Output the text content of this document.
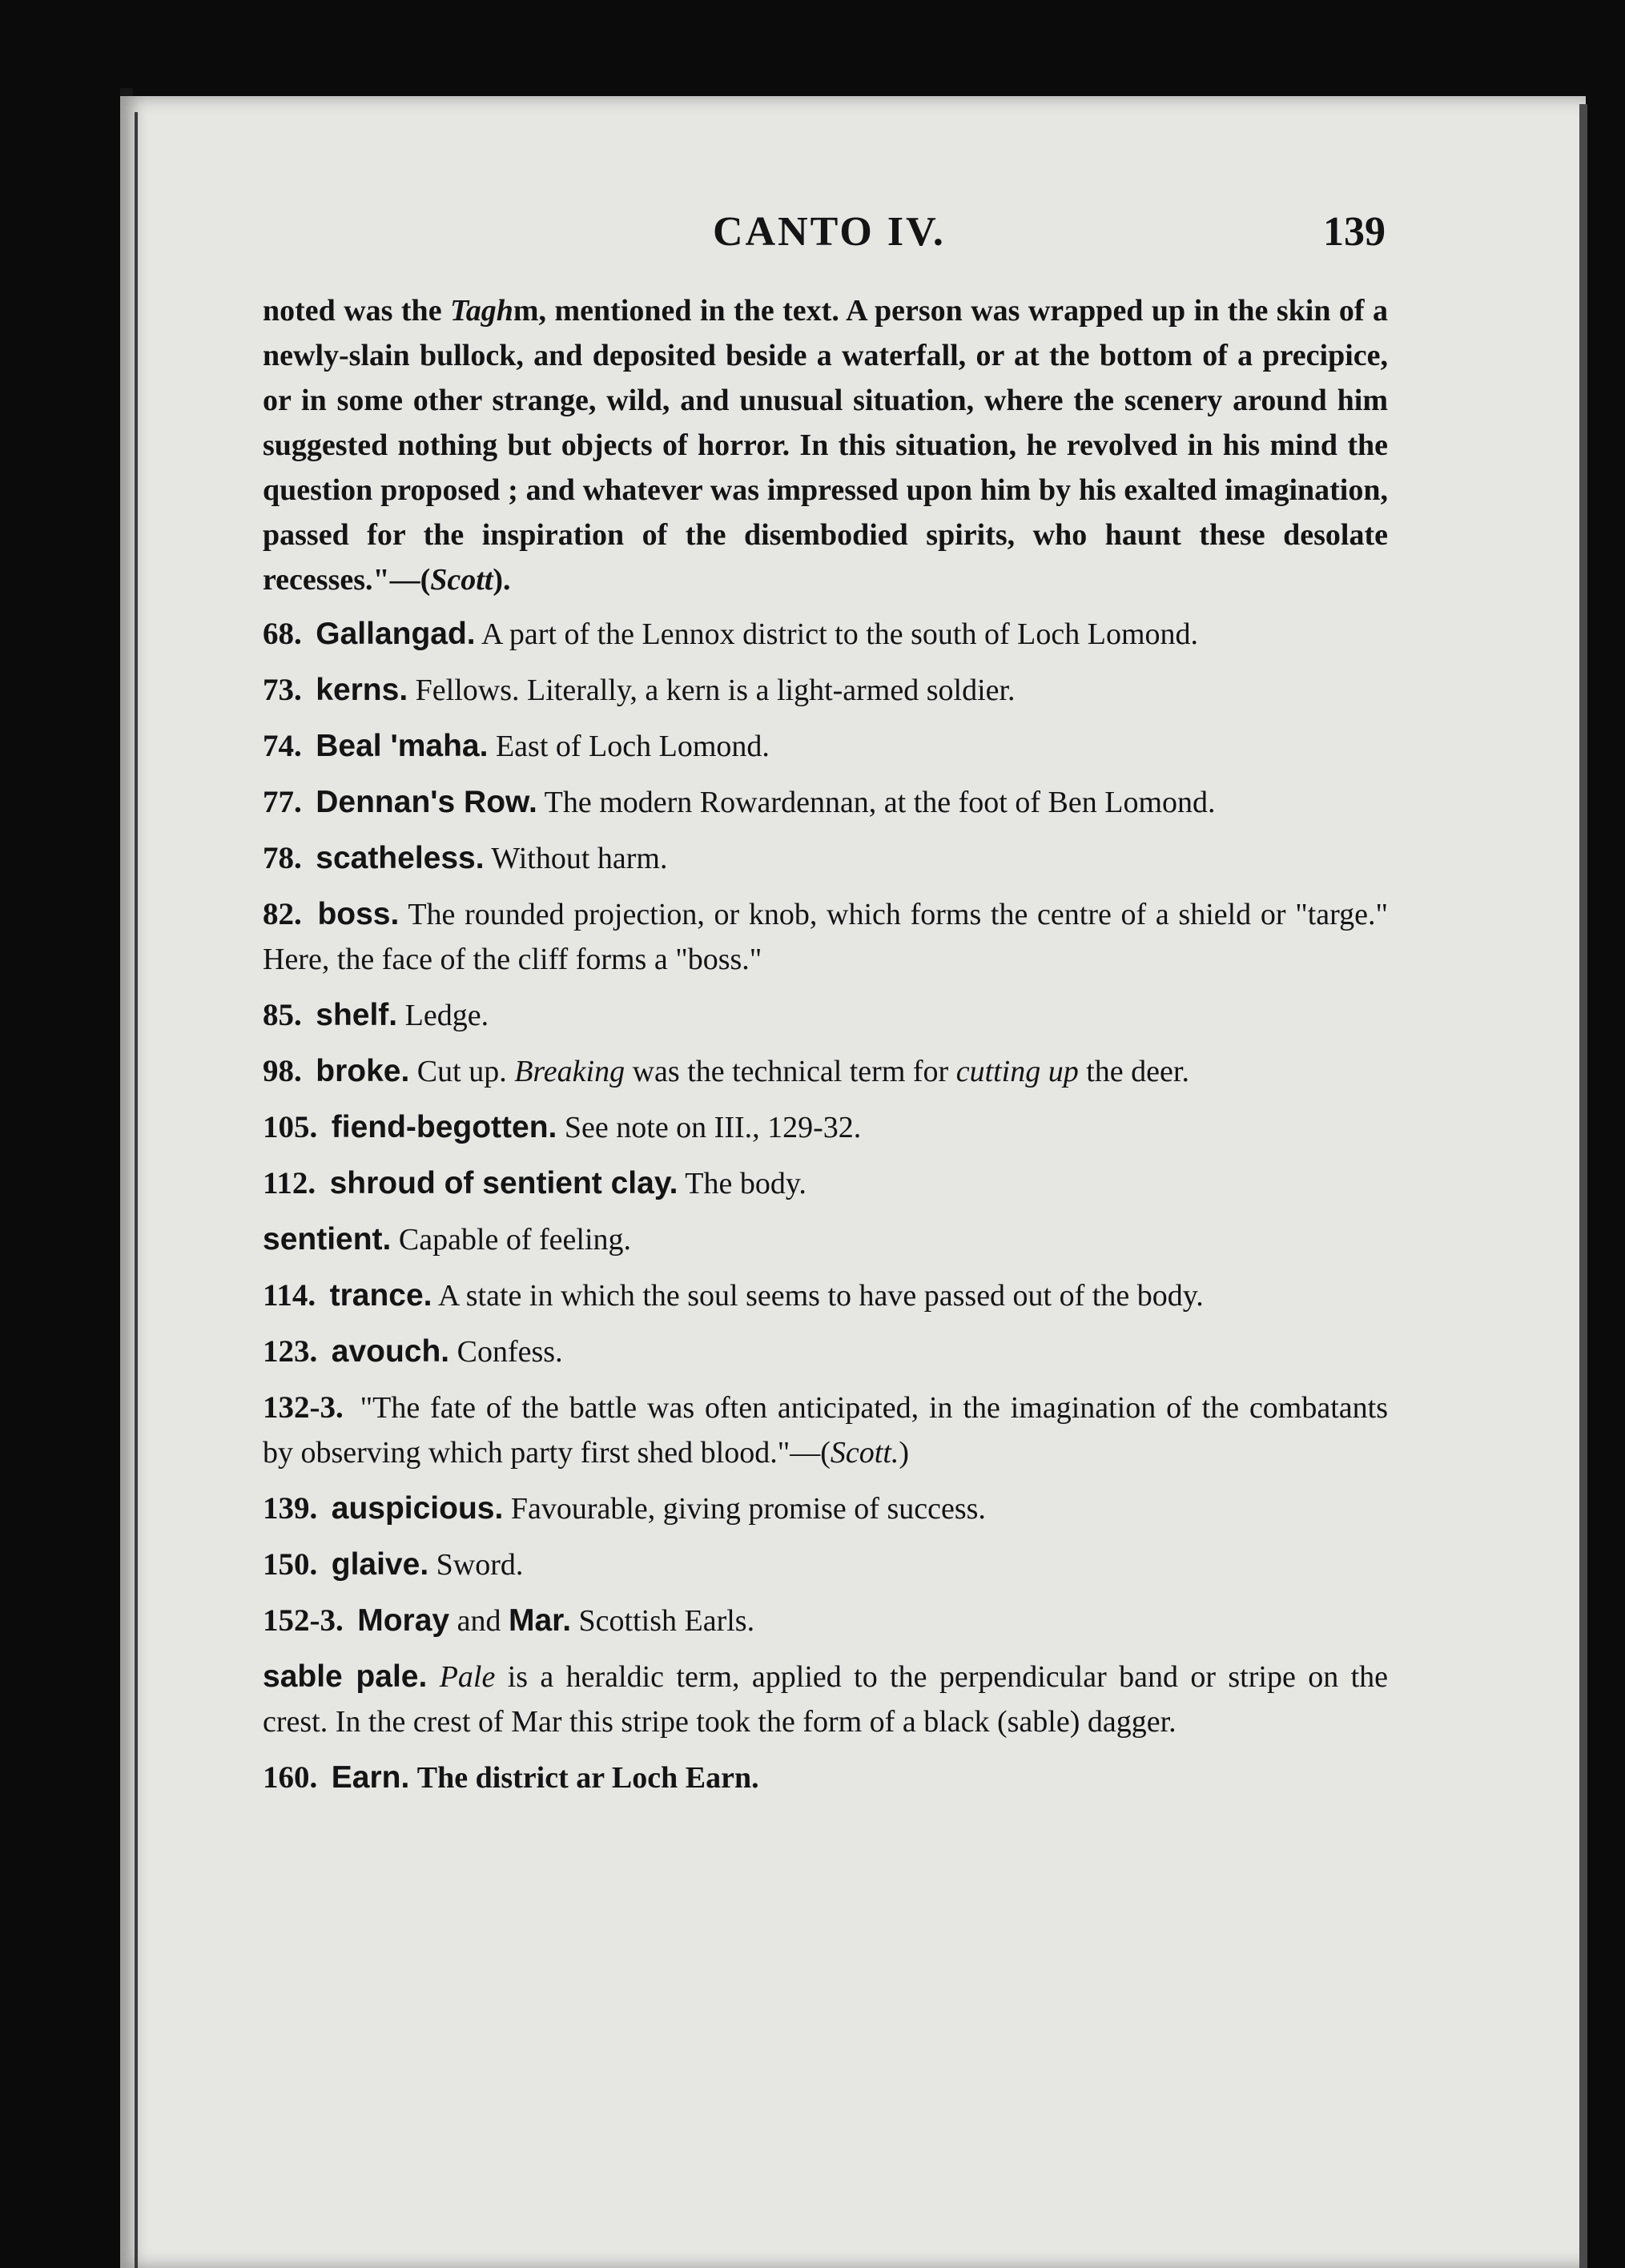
CANTO IV.	139

noted was the Taghm, mentioned in the text. A person was wrapped up in the skin of a newly-slain bullock, and deposited beside a waterfall, or at the bottom of a precipice, or in some other strange, wild, and unusual situation, where the scenery around him suggested nothing but objects of horror. In this situation, he revolved in his mind the question proposed ; and whatever was impressed upon him by his exalted imagination, passed for the inspiration of the disembodied spirits, who haunt these desolate recesses."—(Scott).

68. Gallangad. A part of the Lennox district to the south of Loch Lomond.

73. kerns. Fellows. Literally, a kern is a light-armed soldier.

74. Beal 'maha. East of Loch Lomond.

77. Dennan's Row. The modern Rowardennan, at the foot of Ben Lomond.

78. scatheless. Without harm.

82. boss. The rounded projection, or knob, which forms the centre of a shield or "targe." Here, the face of the cliff forms a "boss."

85. shelf. Ledge.

98. broke. Cut up. Breaking was the technical term for cutting up the deer.

105. fiend-begotten. See note on III., 129-32.

112. shroud of sentient clay. The body.

sentient. Capable of feeling.

114. trance. A state in which the soul seems to have passed out of the body.

123. avouch. Confess.

132-3. "The fate of the battle was often anticipated, in the imagination of the combatants by observing which party first shed blood."—(Scott.)

139. auspicious. Favourable, giving promise of success.

150. glaive. Sword.

152-3. Moray and Mar. Scottish Earls.

sable pale. Pale is a heraldic term, applied to the perpendicular band or stripe on the crest. In the crest of Mar this stripe took the form of a black (sable) dagger.

160. Earn. The district ar Loch Earn.
